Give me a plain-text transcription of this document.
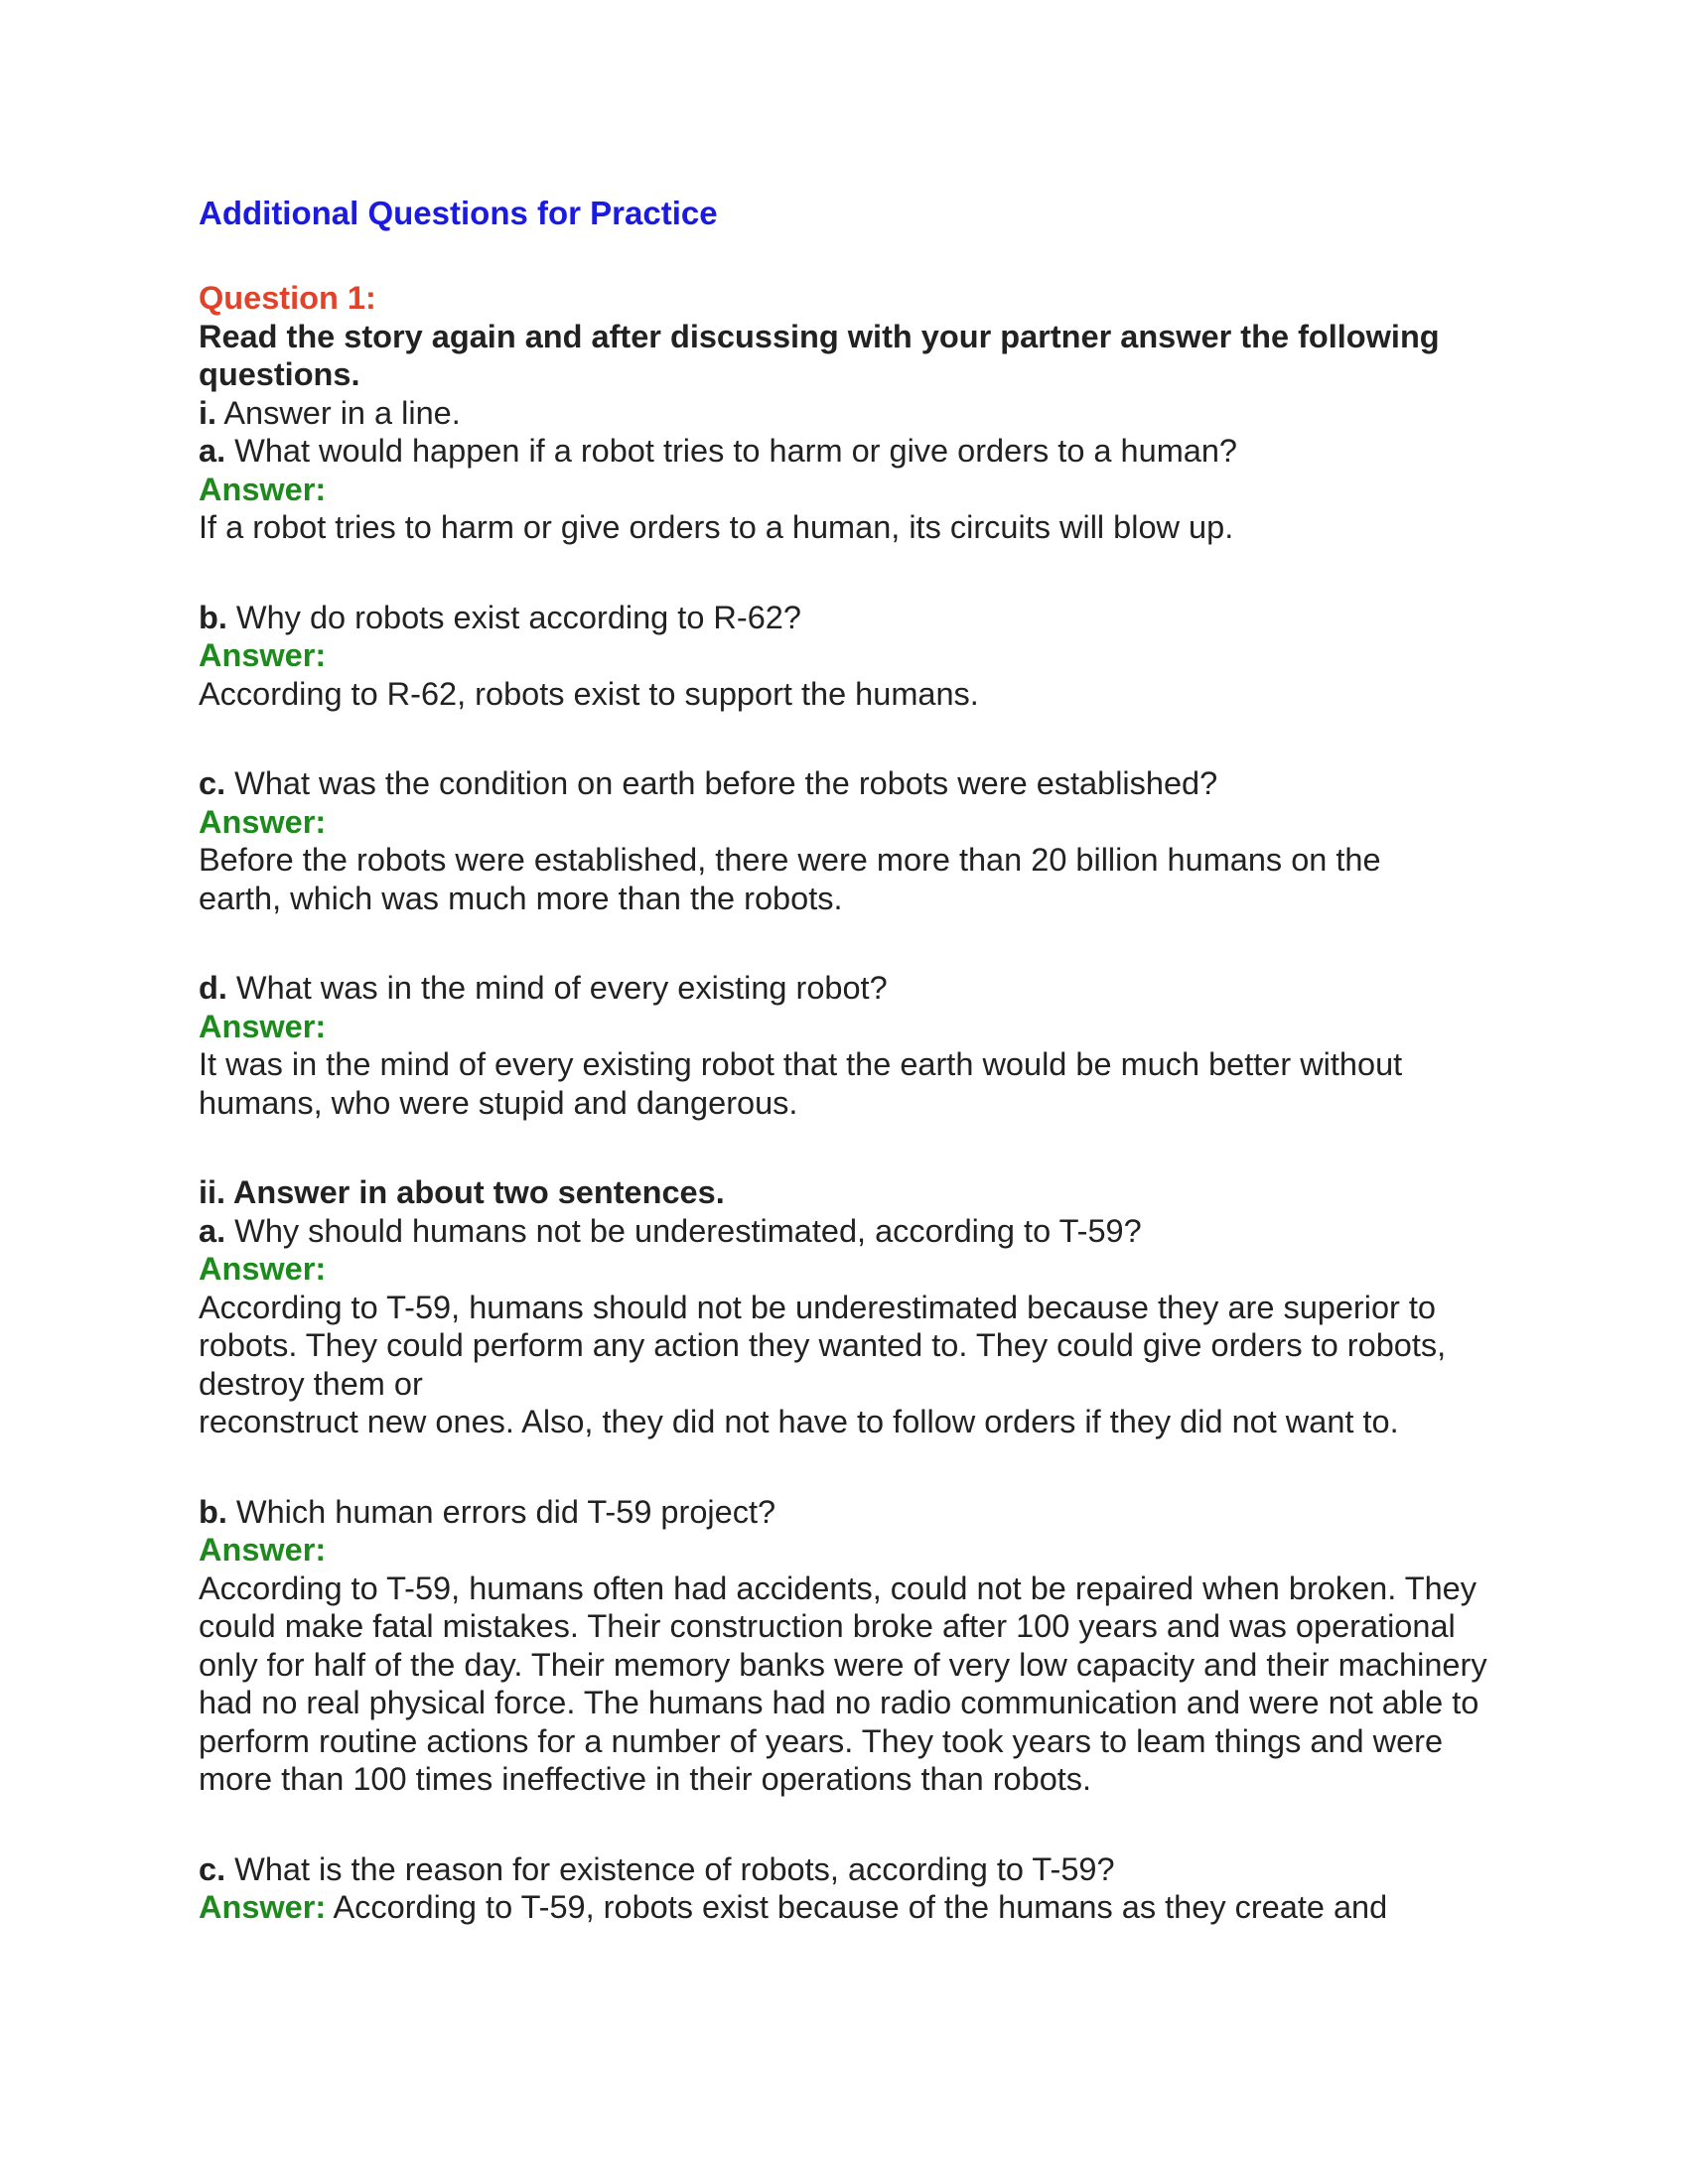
Additional Questions for Practice

Question 1:

Read the story again and after discussing with your partner answer the following questions.

i. Answer in a line.

a. What would happen if a robot tries to harm or give orders to a human?

Answer:

If a robot tries to harm or give orders to a human, its circuits will blow up.

b. Why do robots exist according to R-62?

Answer:

According to R-62, robots exist to support the humans.

c. What was the condition on earth before the robots were established?

Answer:

Before the robots were established, there were more than 20 billion humans on the earth, which was much more than the robots.

d. What was in the mind of every existing robot?

Answer:

It was in the mind of every existing robot that the earth would be much better without humans, who were stupid and dangerous.

ii. Answer in about two sentences.

a. Why should humans not be underestimated, according to T-59?

Answer:

According to T-59, humans should not be underestimated because they are superior to robots. They could perform any action they wanted to. They could give orders to robots, destroy them or

reconstruct new ones. Also, they did not have to follow orders if they did not want to.

b. Which human errors did T-59 project?

Answer:

According to T-59, humans often had accidents, could not be repaired when broken. They could make fatal mistakes. Their construction broke after 100 years and was operational only for half of the day. Their memory banks were of very low capacity and their machinery had no real physical force. The humans had no radio communication and were not able to perform routine actions for a number of years. They took years to leam things and were more than 100 times ineffective in their operations than robots.

c. What is the reason for existence of robots, according to T-59?

Answer: According to T-59, robots exist because of the humans as they create and
